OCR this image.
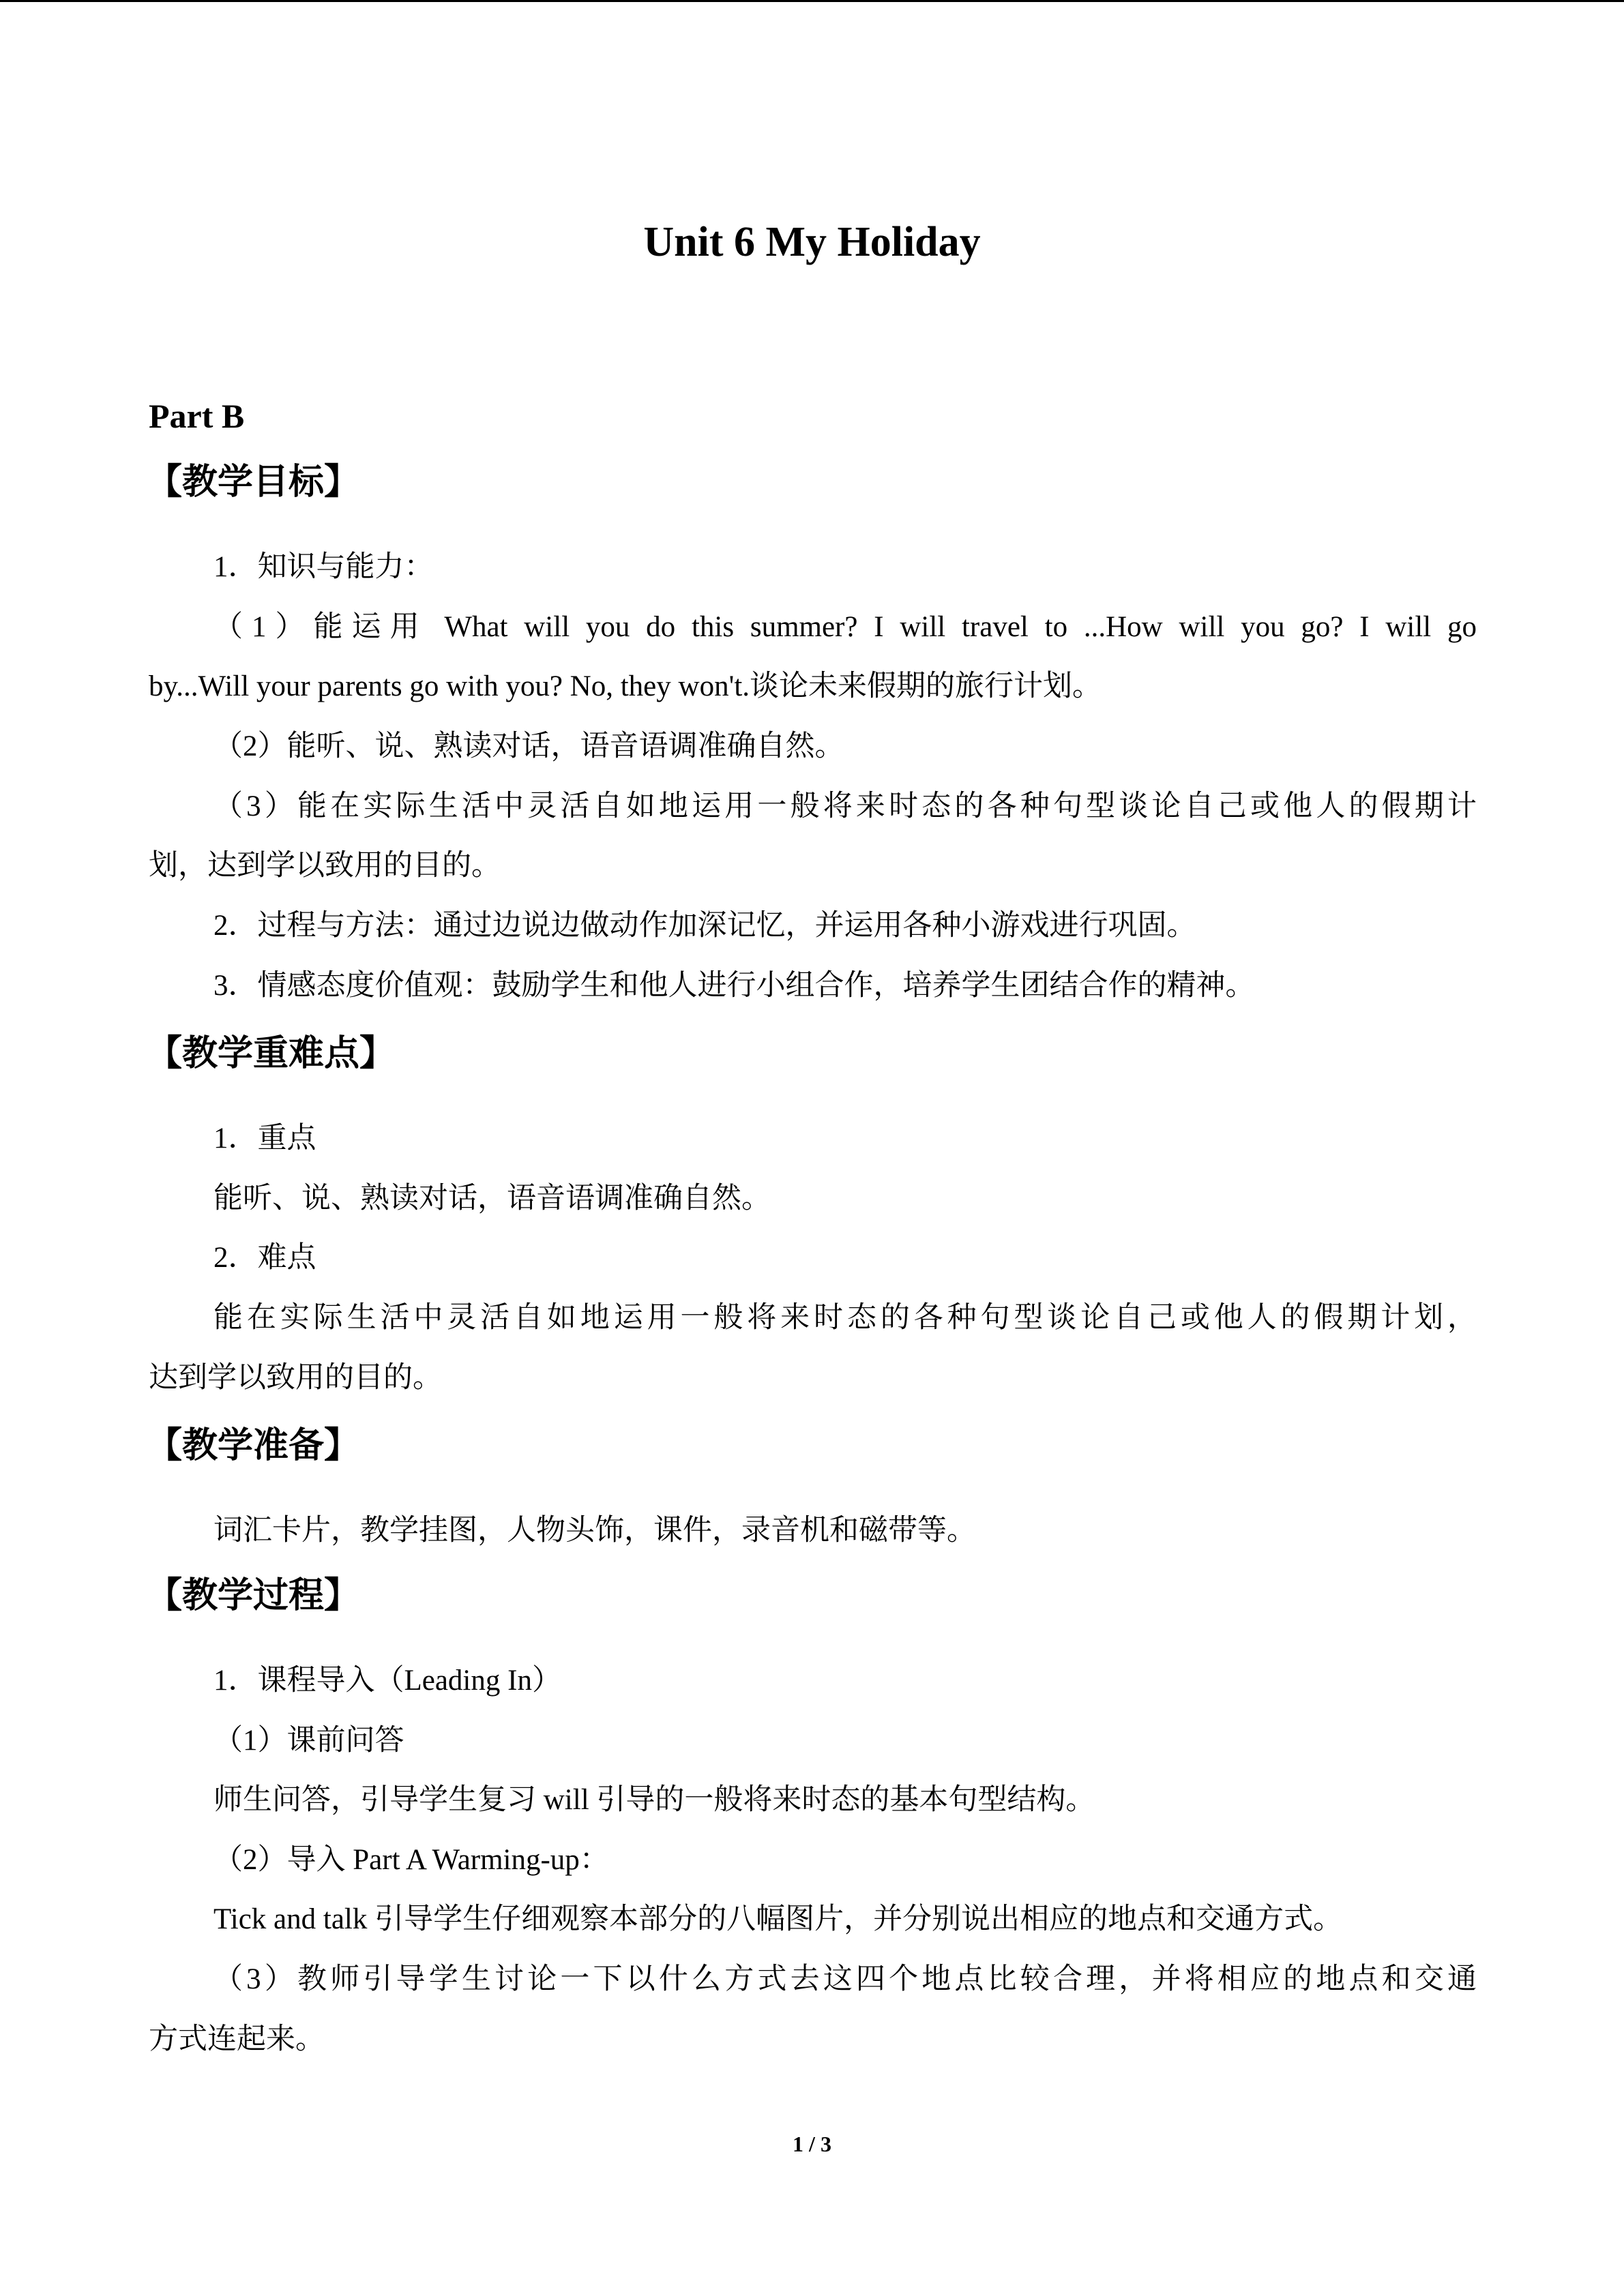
Unit 6 My Holiday
Part B
【教学目标】
1．知识与能力：
（1）能运用 What will you do this summer? I will travel to ...How will you go? I will go
by...Will your parents go with you? No, they won't.谈论未来假期的旅行计划。
（2）能听、说、熟读对话，语音语调准确自然。
（3）能在实际生活中灵活自如地运用一般将来时态的各种句型谈论自己或他人的假期计
划，达到学以致用的目的。
2．过程与方法：通过边说边做动作加深记忆，并运用各种小游戏进行巩固。
3．情感态度价值观：鼓励学生和他人进行小组合作，培养学生团结合作的精神。
【教学重难点】
1．重点
能听、说、熟读对话，语音语调准确自然。
2．难点
能在实际生活中灵活自如地运用一般将来时态的各种句型谈论自己或他人的假期计划，
达到学以致用的目的。
【教学准备】
词汇卡片，教学挂图，人物头饰，课件，录音机和磁带等。
【教学过程】
1．课程导入（Leading In）
（1）课前问答
师生问答，引导学生复习 will 引导的一般将来时态的基本句型结构。
（2）导入 Part A Warming-up：
Tick and talk 引导学生仔细观察本部分的八幅图片，并分别说出相应的地点和交通方式。
（3）教师引导学生讨论一下以什么方式去这四个地点比较合理，并将相应的地点和交通
方式连起来。
1 / 3
